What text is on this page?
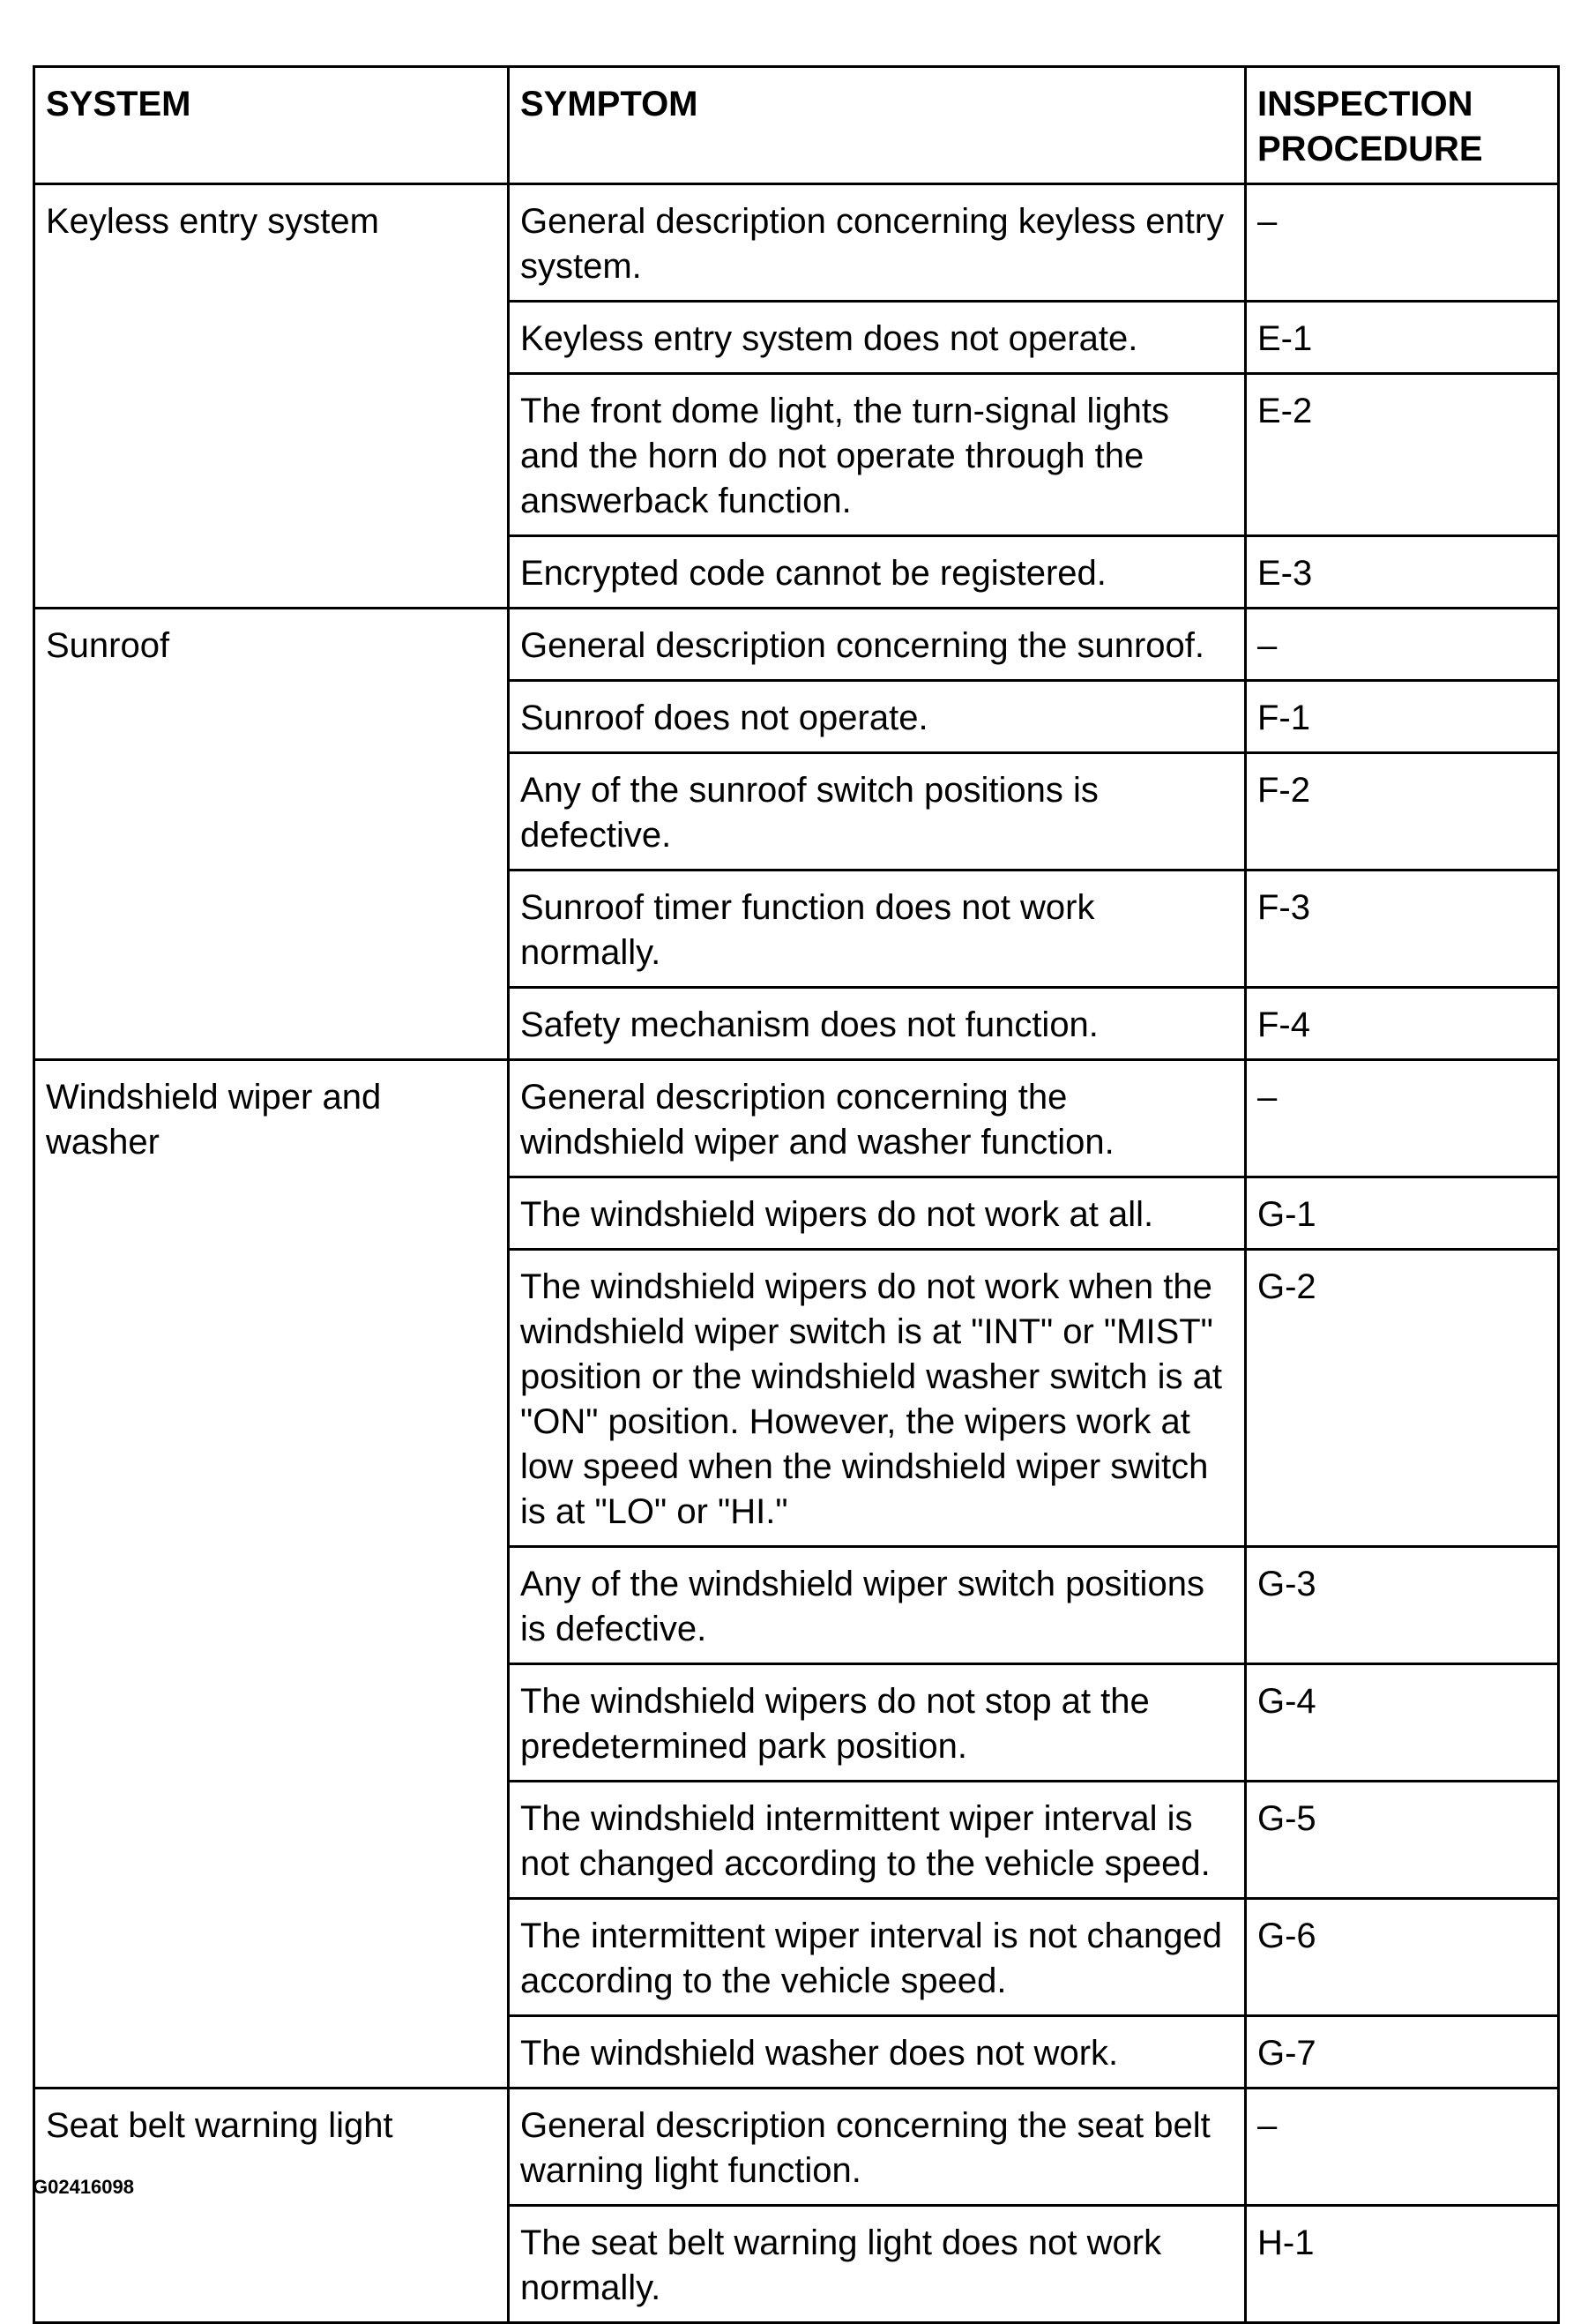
SYSTEM	SYMPTOM	INSPECTION PROCEDURE
Keyless entry system	General description concerning keyless entry system.	–
	Keyless entry system does not operate.	E-1
	The front dome light, the turn-signal lights and the horn do not operate through the answerback function.	E-2
	Encrypted code cannot be registered.	E-3
Sunroof	General description concerning the sunroof.	–
	Sunroof does not operate.	F-1
	Any of the sunroof switch positions is defective.	F-2
	Sunroof timer function does not work normally.	F-3
	Safety mechanism does not function.	F-4
Windshield wiper and washer	General description concerning the windshield wiper and washer function.	–
	The windshield wipers do not work at all.	G-1
	The windshield wipers do not work when the windshield wiper switch is at "INT" or "MIST" position or the windshield washer switch is at "ON" position. However, the wipers work at low speed when the windshield wiper switch is at "LO" or "HI."	G-2
	Any of the windshield wiper switch positions is defective.	G-3
	The windshield wipers do not stop at the predetermined park position.	G-4
	The windshield intermittent wiper interval is not changed according to the vehicle speed.	G-5
	The intermittent wiper interval is not changed according to the vehicle speed.	G-6
	The windshield washer does not work.	G-7
Seat belt warning light	General description concerning the seat belt warning light function.	–
	The seat belt warning light does not work normally.	H-1
G02416098
